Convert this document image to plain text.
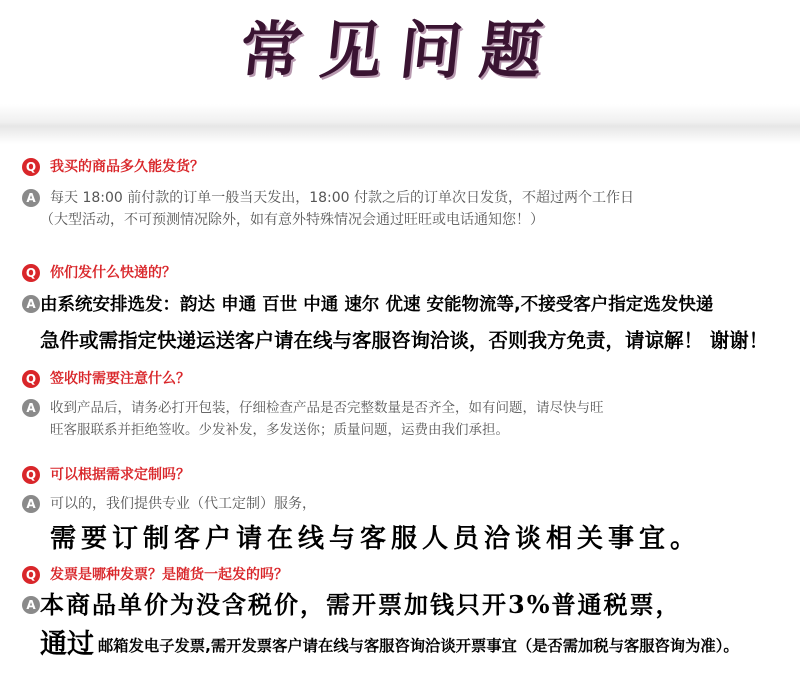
常见问题
Q 我买的商品多久能发货？
A	每天 18:00 前付款的订单一般当天发出，18:00 付款之后的订单次日发货，不超过两个工作日
（大型活动，不可预测情况除外，如有意外特殊情况会通过旺旺或电话通知您！）
Q 你们发什么快递的？
A 由系统安排选发：韵达 申通 百世 中通 速尔 优速 安能物流等,不接受客户指定选发快递
急件或需指定快递运送客户请在线与客服咨询洽谈，否则我方免责，请谅解！ 谢谢！
Q 签收时需要注意什么？
A	收到产品后，请务必打开包装，仔细检查产品是否完整数量是否齐全，如有问题，请尽快与旺
旺客服联系并拒绝签收。少发补发，多发送你；质量问题，运费由我们承担。
Q 可以根据需求定制吗？
A	可以的，我们提供专业（代工定制）服务，
需要订制客户请在线与客服人员洽谈相关事宜。
Q 发票是哪种发票？是随货一起发的吗？
A 本商品单价为没含税价，需开票加钱只开3%普通税票，
通过 邮箱发电子发票,需开发票客户请在线与客服咨询洽谈开票事宜（是否需加税与客服咨询为准）。
